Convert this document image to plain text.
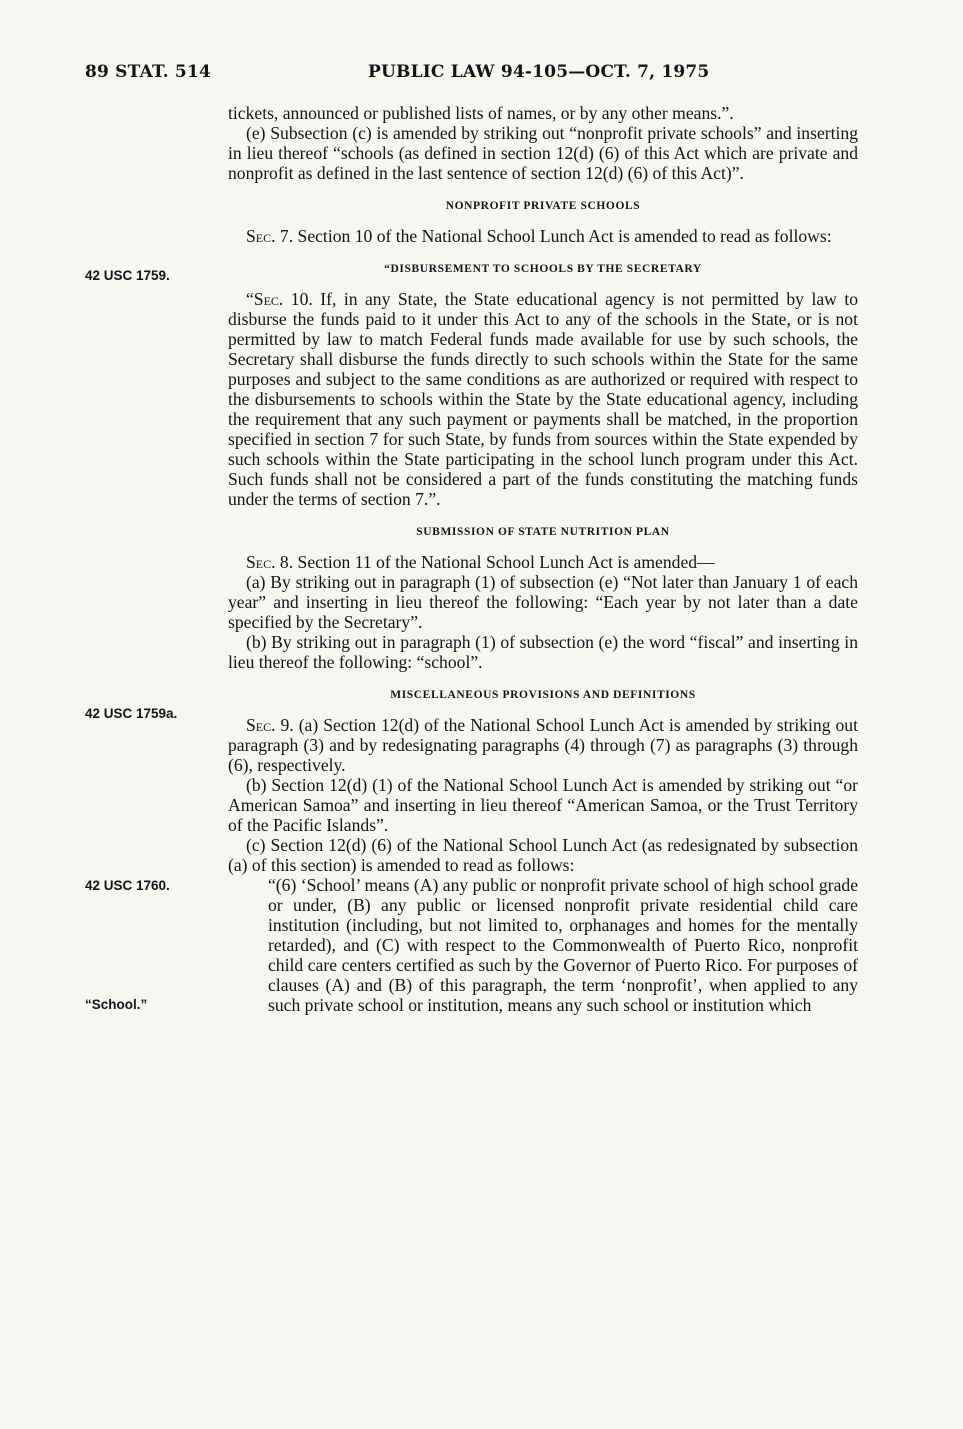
89 STAT. 514	PUBLIC LAW 94-105—OCT. 7, 1975
42 USC 1759.
42 USC 1759a.
42 USC 1760.
“School.”

tickets, announced or published lists of names, or by any other means.”.

(e) Subsection (c) is amended by striking out “nonprofit private schools” and inserting in lieu thereof “schools (as defined in section 12(d) (6) of this Act which are private and nonprofit as defined in the last sentence of section 12(d) (6) of this Act)”.

NONPROFIT PRIVATE SCHOOLS

Sec. 7. Section 10 of the National School Lunch Act is amended to read as follows:

“DISBURSEMENT TO SCHOOLS BY THE SECRETARY

“Sec. 10. If, in any State, the State educational agency is not permitted by law to disburse the funds paid to it under this Act to any of the schools in the State, or is not permitted by law to match Federal funds made available for use by such schools, the Secretary shall disburse the funds directly to such schools within the State for the same purposes and subject to the same conditions as are authorized or required with respect to the disbursements to schools within the State by the State educational agency, including the requirement that any such payment or payments shall be matched, in the proportion specified in section 7 for such State, by funds from sources within the State expended by such schools within the State participating in the school lunch program under this Act. Such funds shall not be considered a part of the funds constituting the matching funds under the terms of section 7.”.

SUBMISSION OF STATE NUTRITION PLAN

Sec. 8. Section 11 of the National School Lunch Act is amended—

(a) By striking out in paragraph (1) of subsection (e) “Not later than January 1 of each year” and inserting in lieu thereof the following: “Each year by not later than a date specified by the Secretary”.

(b) By striking out in paragraph (1) of subsection (e) the word “fiscal” and inserting in lieu thereof the following: “school”.

MISCELLANEOUS PROVISIONS AND DEFINITIONS

Sec. 9. (a) Section 12(d) of the National School Lunch Act is amended by striking out paragraph (3) and by redesignating paragraphs (4) through (7) as paragraphs (3) through (6), respectively.

(b) Section 12(d) (1) of the National School Lunch Act is amended by striking out “or American Samoa” and inserting in lieu thereof “American Samoa, or the Trust Territory of the Pacific Islands”.

(c) Section 12(d) (6) of the National School Lunch Act (as redesignated by subsection (a) of this section) is amended to read as follows:

“(6) ‘School’ means (A) any public or nonprofit private school of high school grade or under, (B) any public or licensed nonprofit private residential child care institution (including, but not limited to, orphanages and homes for the mentally retarded), and (C) with respect to the Commonwealth of Puerto Rico, nonprofit child care centers certified as such by the Governor of Puerto Rico. For purposes of clauses (A) and (B) of this paragraph, the term ‘nonprofit’, when applied to any such private school or institution, means any such school or institution which
